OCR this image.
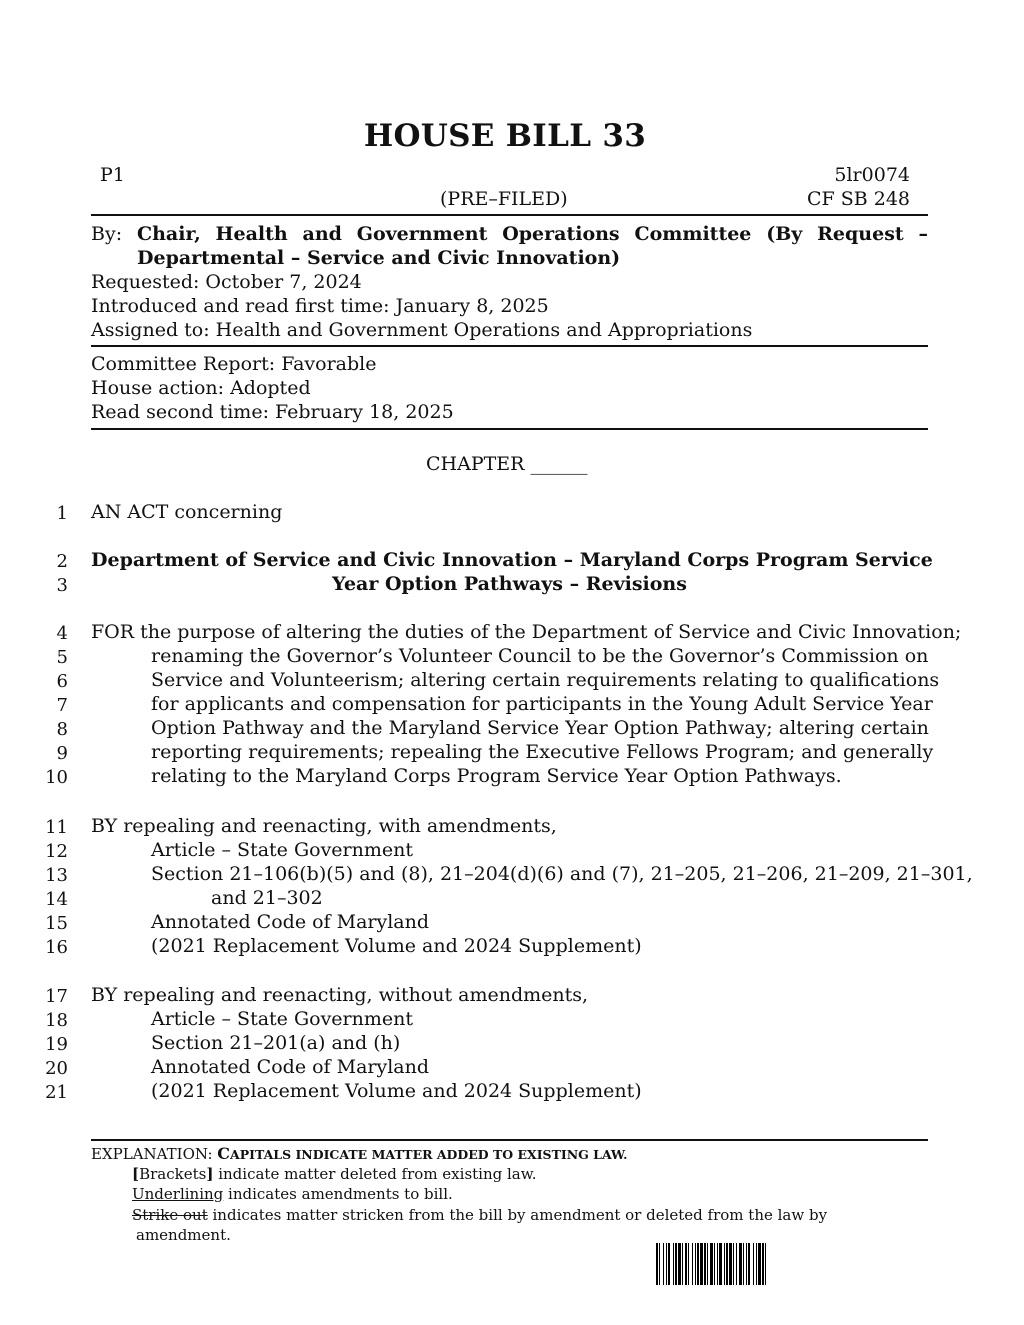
HOUSE BILL 33
P1	5lr0074
(PRE–FILED)	CF SB 248
By: Chair, Health and Government Operations Committee (By Request –
Departmental – Service and Civic Innovation)
Requested: October 7, 2024
Introduced and read first time: January 8, 2025
Assigned to: Health and Government Operations and Appropriations
Committee Report: Favorable
House action: Adopted
Read second time: February 18, 2025
CHAPTER ______
1 AN ACT concerning
2
3
Department of Service and Civic Innovation – Maryland Corps Program Service
Year Option Pathways – Revisions
4
5
6
7
8
9
10
FOR the purpose of altering the duties of the Department of Service and Civic Innovation;
renaming the Governor’s Volunteer Council to be the Governor’s Commission on
Service and Volunteerism; altering certain requirements relating to qualifications
for applicants and compensation for participants in the Young Adult Service Year
Option Pathway and the Maryland Service Year Option Pathway; altering certain
reporting requirements; repealing the Executive Fellows Program; and generally
relating to the Maryland Corps Program Service Year Option Pathways.
11
12
13
14
15
16
BY repealing and reenacting, with amendments,
Article – State Government
Section 21–106(b)(5) and (8), 21–204(d)(6) and (7), 21–205, 21–206, 21–209, 21–301,
and 21–302
Annotated Code of Maryland
(2021 Replacement Volume and 2024 Supplement)
17
18
19
20
21
BY repealing and reenacting, without amendments,
Article – State Government
Section 21–201(a) and (h)
Annotated Code of Maryland
(2021 Replacement Volume and 2024 Supplement)
EXPLANATION: CAPITALS INDICATE MATTER ADDED TO EXISTING LAW.
[Brackets] indicate matter deleted from existing law.
Underlining indicates amendments to bill.
Strike out indicates matter stricken from the bill by amendment or deleted from the law by
amendment.
